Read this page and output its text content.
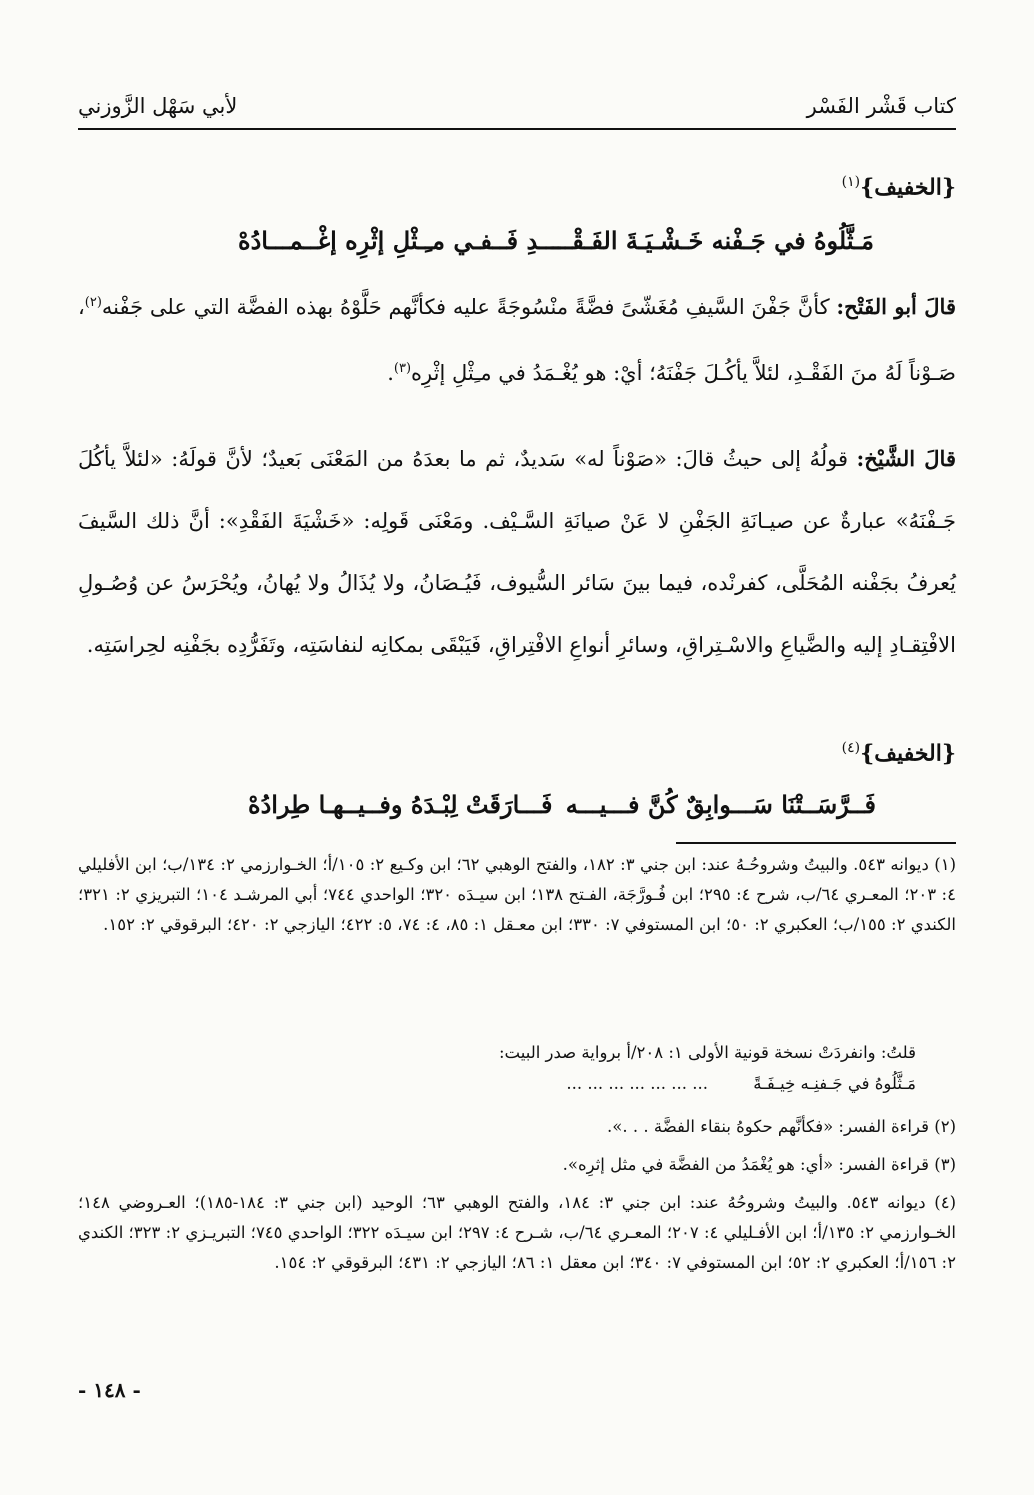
كتاب قَشْر الفَسْر
لأبي سَهْل الزَّوزني
{الخفيف}$^{(١)}$
مَـثَّلُوهُ في جَـفْنه خَـشْـيَـةَ الفَـقْـــ
ـــدِ فَــفـي مـِـثْلِ إثْرِه إغْــمـــادُهْ

قالَ أبو الفَتْح: كأنَّ جَفْنَ السَّيفِ مُغَشّىً فضَّةً منْسُوجَةً عليه فكأنَّهم حَلَّوْهُ بهذه الفضَّة التي على جَفْنه$^{(٢)}$، صَـوْناً لَهُ منَ الفَقْـدِ، لئلاَّ يأكُـلَ جَفْنَهُ؛ أيْ: هو يُغْـمَدُ في مـِثْلِ إثْرِه$^{(٣)}$.

قالَ الشَّيْخ: قولُهُ إلى حيثُ قالَ: «صَوْناً له» سَديدٌ، ثم ما بعدَهُ من المَعْنَى بَعيدٌ؛ لأنَّ قولَهُ: «لئلاَّ يأكُلَ جَـفْنَهُ» عبارةٌ عن صيـانَةِ الجَفْنِ لا عَنْ صيانَةِ السَّـيْف. ومَعْنَى قَولِه: «خَشْيَةَ الفَقْدِ»: أنَّ ذلك السَّيفَ يُعرفُ بجَفْنه المُحَلَّى، كفرنْده، فيما بينَ سَائر السُّيوف، فَيُـصَانُ، ولا يُذَالُ ولا يُهانُ، ويُحْرَسُ عن وُصُـولِ الافْتِقـادِ إليه والضَّياعِ والاسْـتِراقِ، وسائرِ أنواعِ الافْتِراقِ، فَيَبْقَى بمكانِه لنفاسَتِه، وتَفَرُّدِه بجَفْنِه لحِراسَتِه.

{الخفيف}$^{(٤)}$
فَــرَّسَــتْنَا سَـــوابِقٌ كُنَّ فـــيـــه
فَـــارَقَتْ لِبْـدَهُ وفــيــهـا طِرادُهْ

(١) ديوانه ٥٤٣. والبيتُ وشروحُـهُ عند: ابن جني ٣: ١٨٢، والفتح الوهبي ٦٢؛ ابن وكـيع ٢: ١٠٥/أ؛ الخـوارزمي ٢: ١٣٤/ب؛ ابن الأفليلي ٤: ٢٠٣؛ المعـري ٦٤/ب، شرح ٤: ٢٩٥؛ ابن فُـورَّجَة، الفـتح ١٣٨؛ ابن سيـدَه ٣٢٠؛ الواحدي ٧٤٤؛ أبي المرشـد ١٠٤؛ التبريزي ٢: ٣٢١؛ الكندي ٢: ١٥٥/ب؛ العكبري ٢: ٥٠؛ ابن المستوفي ٧: ٣٣٠؛ ابن معـقل ١: ٨٥، ٤: ٧٤، ٥: ٤٢٢؛ اليازجي ٢: ٤٢٠؛ البرقوقي ٢: ١٥٢.

قلتُ: وانفردَتْ نسخة قونية الأولى ١: ٢٠٨/أ برواية صدر البيت:

مَـثَّلُوهُ في جَـفنِـه خِيـفَـةً ... ... ... ... ... ... ...

(٢) قراءة الفسر: «فكأنَّهم حكوهُ بنقاء الفضَّة . . .».

(٣) قراءة الفسر: «أي: هو يُغْمَدُ من الفضَّة في مثل إثرِه».

(٤) ديوانه ٥٤٣. والبيتُ وشروحُهُ عند: ابن جني ٣: ١٨٤، والفتح الوهبي ٦٣؛ الوحيد (ابن جني ٣: ١٨٤-١٨٥)؛ العـروضي ١٤٨؛ الخـوارزمي ٢: ١٣٥/أ؛ ابن الأفـليلي ٤: ٢٠٧؛ المعـري ٦٤/ب، شـرح ٤: ٢٩٧؛ ابن سيـدَه ٣٢٢؛ الواحدي ٧٤٥؛ التبريـزي ٢: ٣٢٣؛ الكندي ٢: ١٥٦/أ؛ العكبري ٢: ٥٢؛ ابن المستوفي ٧: ٣٤٠؛ ابن معقل ١: ٨٦؛ اليازجي ٢: ٤٣١؛ البرقوقي ٢: ١٥٤.

- ١٤٨ -
